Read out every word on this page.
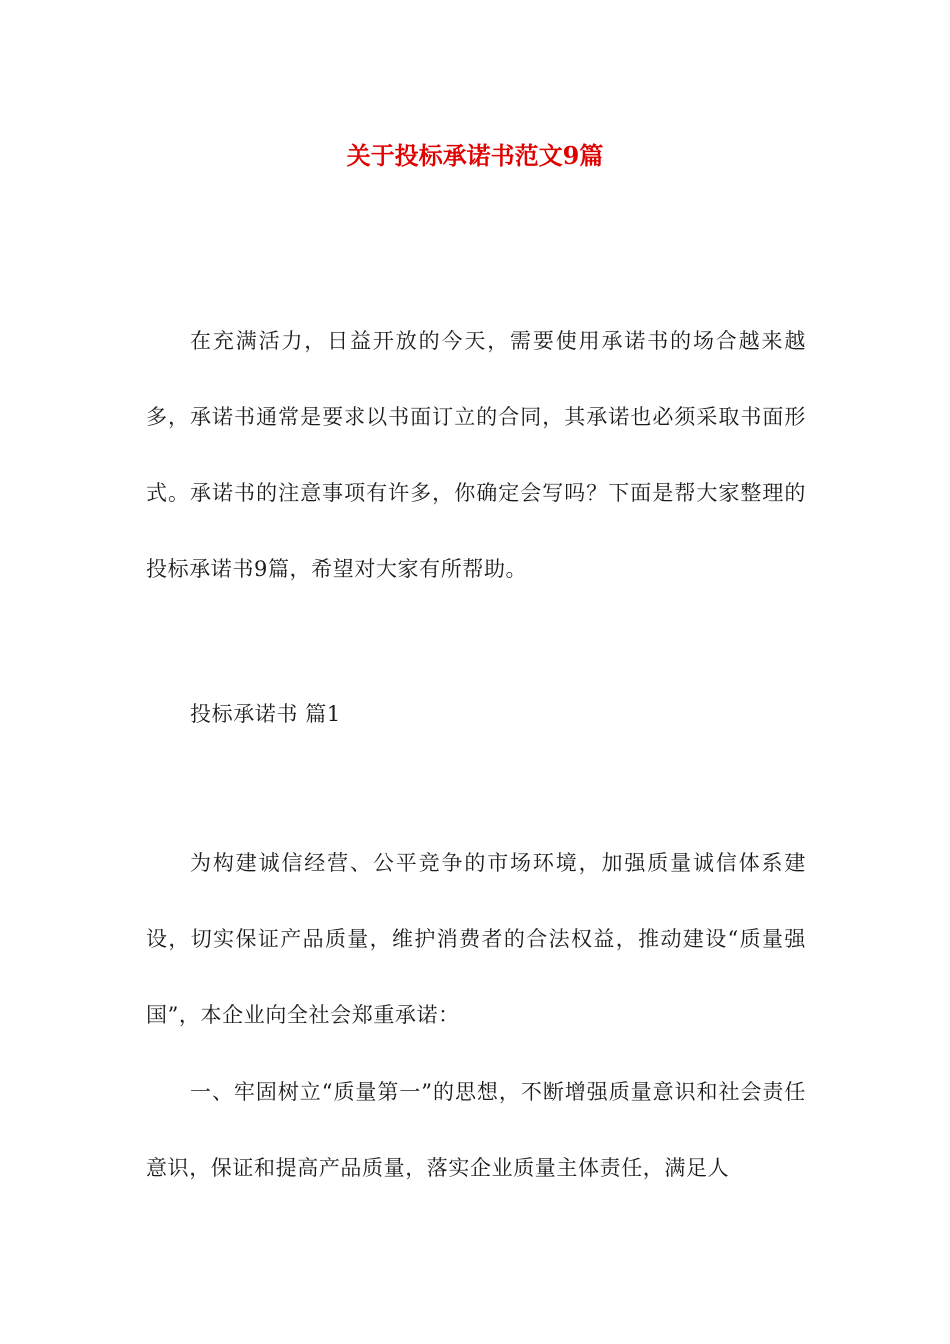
关于投标承诺书范文9篇

在充满活力，日益开放的今天，需要使用承诺书的场合越来越多，承诺书通常是要求以书面订立的合同，其承诺也必须采取书面形式。承诺书的注意事项有许多，你确定会写吗？下面是帮大家整理的投标承诺书9篇，希望对大家有所帮助。

投标承诺书 篇1

为构建诚信经营、公平竞争的市场环境，加强质量诚信体系建设，切实保证产品质量，维护消费者的合法权益，推动建设“质量强国”，本企业向全社会郑重承诺：

一、牢固树立“质量第一”的思想，不断增强质量意识和社会责任意识，保证和提高产品质量，落实企业质量主体责任，满足人
